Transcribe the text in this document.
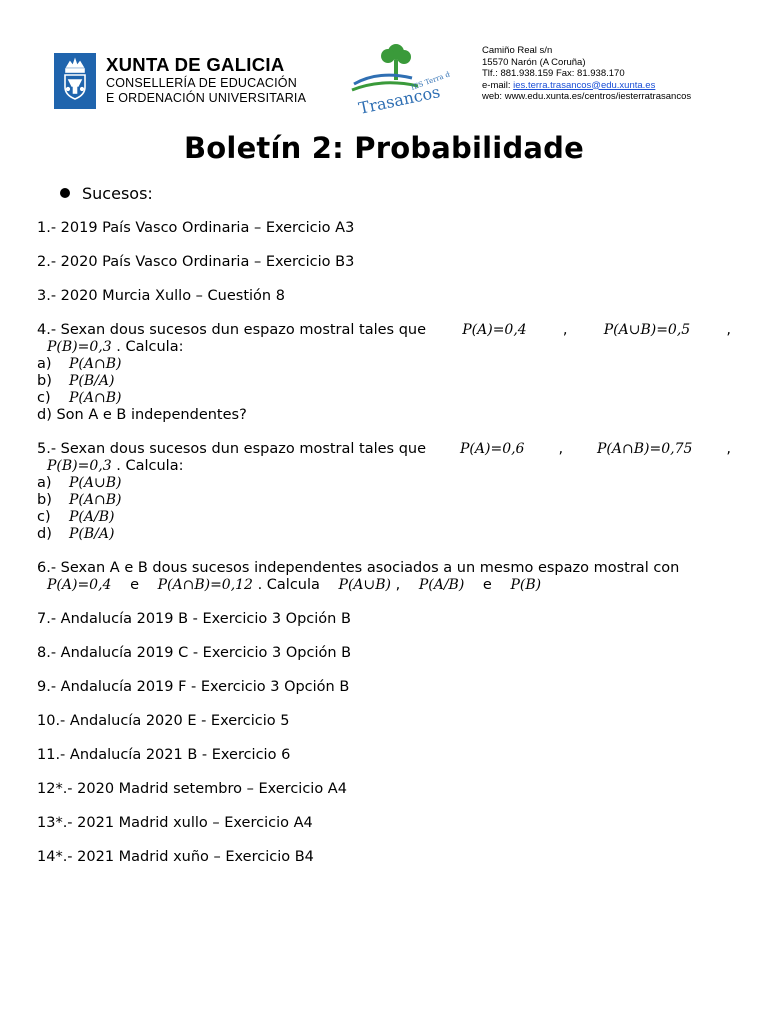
XUNTA DE GALICIA
CONSELLERÍA DE EDUCACIÓN
E ORDENACIÓN UNIVERSITARIA
IES Terra de
Trasancos
Camiño Real s/n
15570 Narón (A Coruña)
Tlf.: 881.938.159 Fax: 81.938.170
e-mail: ies.terra.trasancos@edu.xunta.es
web: www.edu.xunta.es/centros/iesterratrasancos
Boletín 2: Probabilidade
Sucesos:

1.- 2019 País Vasco Ordinaria – Exercicio A3

2.- 2020 País Vasco Ordinaria – Exercicio B3

3.- 2020 Murcia Xullo – Cuestión 8

4.- Sexan dous sucesos dun espazo mostral tales que	P(A)=0,4 ,	P(A∪B)=0,5 ,
P(B)=0,3 . Calcula:
a) P(A∩B)
b) P(B/A)
c) P(A∩B)
d) Son A e B independentes?
5.- Sexan dous sucesos dun espazo mostral tales que P(A)=0,6 , P(A∩B)=0,75 ,
P(B)=0,3 . Calcula:
a) P(A∪B)
b) P(A∩B)
c) P(A/B)
d) P(B/A)
6.- Sexan A e B dous sucesos independentes asociados a un mesmo espazo mostral con
P(A)=0,4 e P(A∩B)=0,12 . Calcula P(A∪B) , P(A/B) e P(B)

7.- Andalucía 2019 B - Exercicio 3 Opción B

8.- Andalucía 2019 C - Exercicio 3 Opción B

9.- Andalucía 2019 F - Exercicio 3 Opción B

10.- Andalucía 2020 E - Exercicio 5

11.- Andalucía 2021 B - Exercicio 6

12*.- 2020 Madrid setembro – Exercicio A4

13*.- 2021 Madrid xullo – Exercicio A4

14*.- 2021 Madrid xuño – Exercicio B4
